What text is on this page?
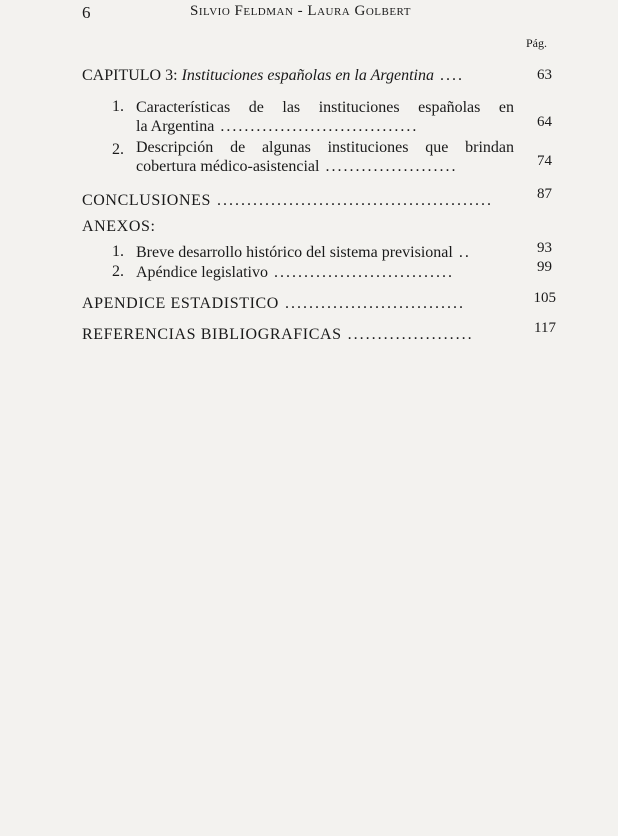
6	Silvio Feldman - Laura Golbert
Pág.
CAPITULO 3: Instituciones españolas en la Argentina ....	63
1. Características de las instituciones españolas en
la Argentina .................................	64
2. Descripción de algunas instituciones que brindan
cobertura médico-asistencial ......................	74
CONCLUSIONES ..............................................	87
ANEXOS:
1. Breve desarrollo histórico del sistema previsional ..	93
2. Apéndice legislativo ..............................	99
APENDICE ESTADISTICO ..............................	105
REFERENCIAS BIBLIOGRAFICAS .....................	117
